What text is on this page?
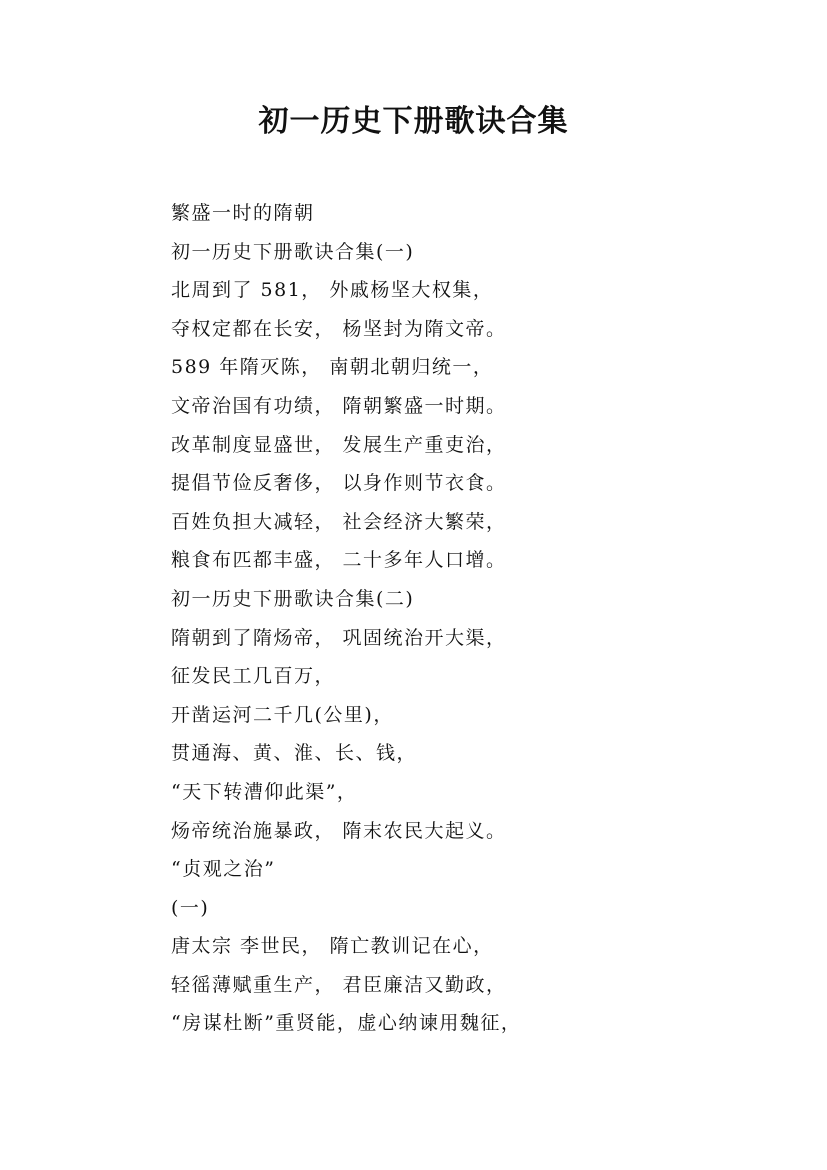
初一历史下册歌诀合集
繁盛一时的隋朝
初一历史下册歌诀合集(一)
北周到了 581， 外戚杨坚大权集，
夺权定都在长安， 杨坚封为隋文帝。
589 年隋灭陈， 南朝北朝归统一，
文帝治国有功绩， 隋朝繁盛一时期。
改革制度显盛世， 发展生产重吏治，
提倡节俭反奢侈， 以身作则节衣食。
百姓负担大减轻， 社会经济大繁荣，
粮食布匹都丰盛， 二十多年人口增。
初一历史下册歌诀合集(二)
隋朝到了隋炀帝， 巩固统治开大渠，
征发民工几百万，
开凿运河二千几(公里)，
贯通海、黄、淮、长、钱，
“天下转漕仰此渠”，
炀帝统治施暴政， 隋末农民大起义。
“贞观之治”
(一)
唐太宗 李世民， 隋亡教训记在心，
轻徭薄赋重生产， 君臣廉洁又勤政，
“房谋杜断”重贤能，虚心纳谏用魏征，
